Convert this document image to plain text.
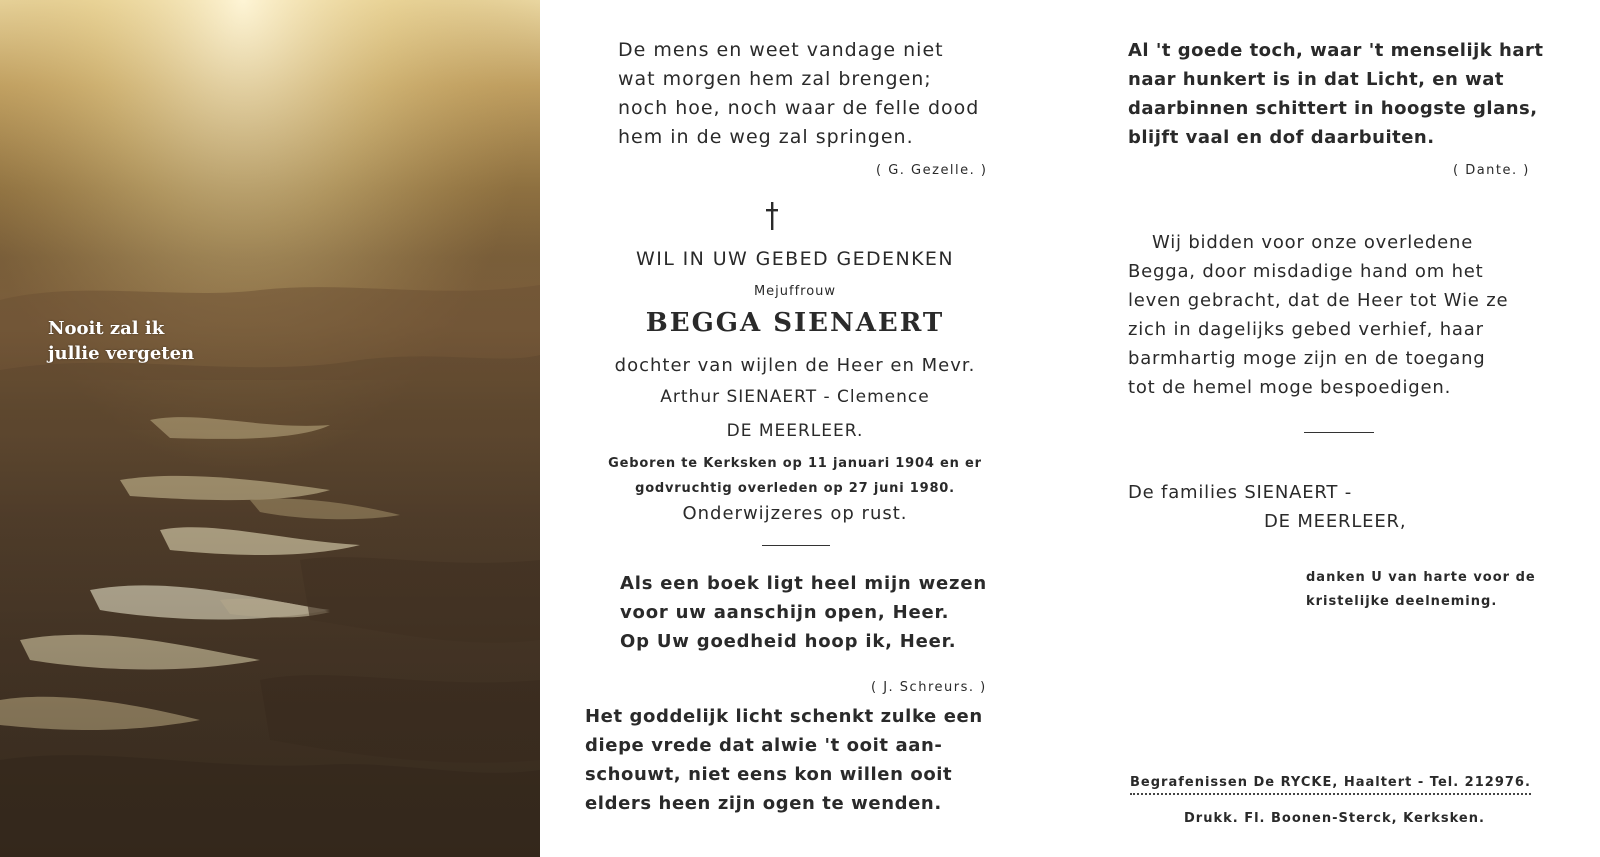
Nooit zal ik
jullie vergeten
De mens en weet vandage niet
wat morgen hem zal brengen;
noch hoe, noch waar de felle dood
hem in de weg zal springen.
( G. Gezelle. )
WIL IN UW GEBED GEDENKEN
Mejuffrouw
BEGGA SIENAERT
dochter van wijlen de Heer en Mevr.
Arthur SIENAERT - Clemence
DE MEERLEER.
Geboren te Kerksken op 11 januari 1904 en er
godvruchtig overleden op 27 juni 1980.
Onderwijzeres op rust.
Als een boek ligt heel mijn wezen
voor uw aanschijn open, Heer.
Op Uw goedheid hoop ik, Heer.
( J. Schreurs. )
Het goddelijk licht schenkt zulke een
diepe vrede dat alwie 't ooit aan-
schouwt, niet eens kon willen ooit
elders heen zijn ogen te wenden.
Al 't goede toch, waar 't menselijk hart
naar hunkert is in dat Licht, en wat
daarbinnen schittert in hoogste glans,
blijft vaal en dof daarbuiten.
( Dante. )
Wij bidden voor onze overledene
Begga, door misdadige hand om het
leven gebracht, dat de Heer tot Wie ze
zich in dagelijks gebed verhief, haar
barmhartig moge zijn en de toegang
tot de hemel moge bespoedigen.
De families SIENAERT -
DE MEERLEER,
danken U van harte voor de
kristelijke deelneming.
Begrafenissen De RYCKE, Haaltert - Tel. 212976.
Drukk. Fl. Boonen-Sterck, Kerksken.
